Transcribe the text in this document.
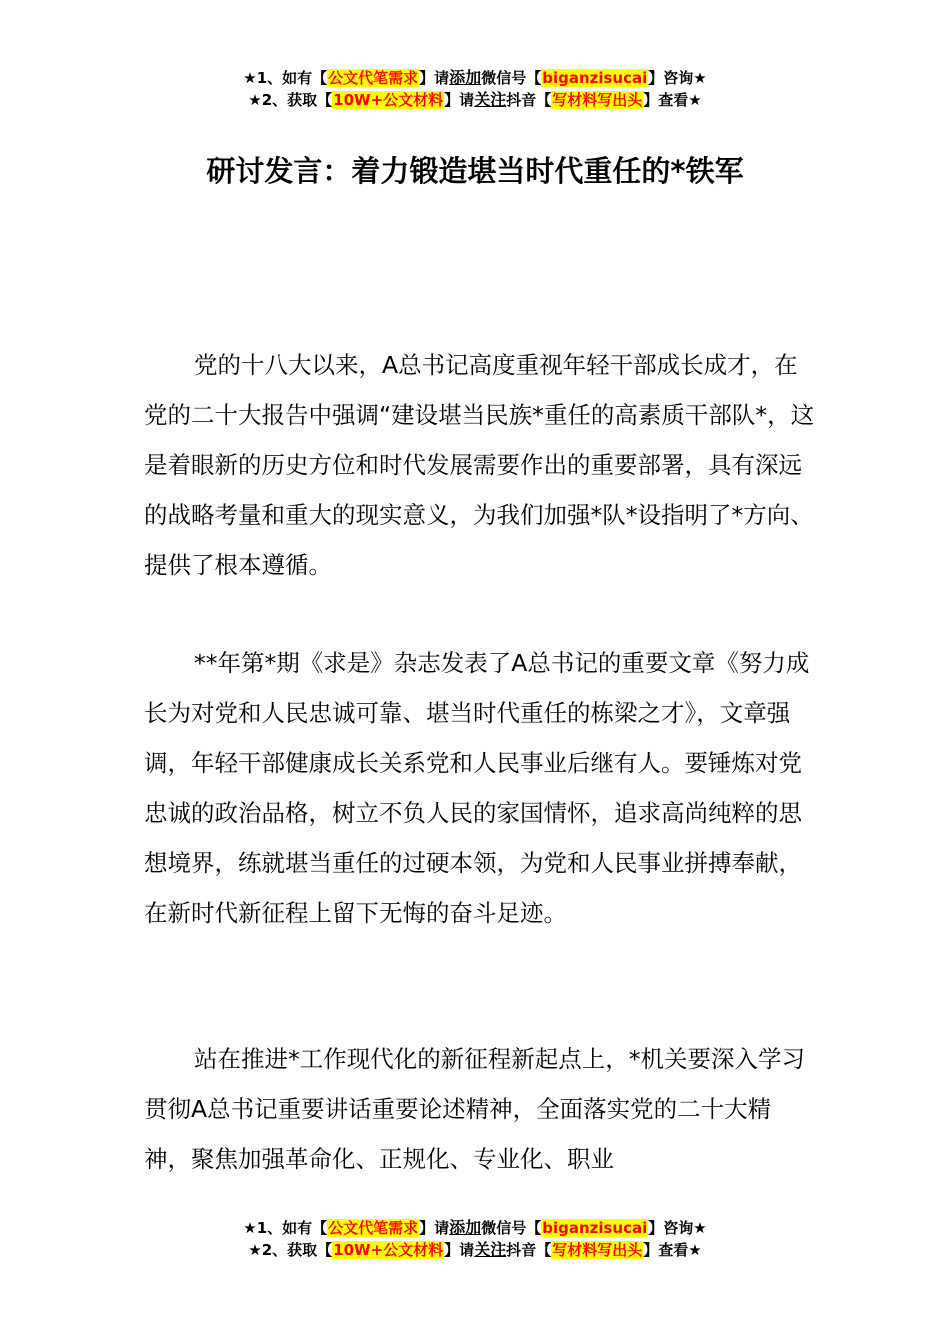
★1、如有【公文代笔需求】请添加微信号【biganzisucai】咨询★
★2、获取【10W+公文材料】请关注抖音【写材料写出头】查看★
研讨发言：着力锻造堪当时代重任的*铁军

党的十八大以来，A总书记高度重视年轻干部成长成才，在党的二十大报告中强调“建设堪当民族*重任的高素质干部队*，这是着眼新的历史方位和时代发展需要作出的重要部署，具有深远的战略考量和重大的现实意义，为我们加强*队*设指明了*方向、提供了根本遵循。

**年第*期《求是》杂志发表了A总书记的重要文章《努力成长为对党和人民忠诚可靠、堪当时代重任的栋梁之才》，文章强调，年轻干部健康成长关系党和人民事业后继有人。要锤炼对党忠诚的政治品格，树立不负人民的家国情怀，追求高尚纯粹的思想境界，练就堪当重任的过硬本领，为党和人民事业拼搏奉献，在新时代新征程上留下无悔的奋斗足迹。

站在推进*工作现代化的新征程新起点上，*机关要深入学习贯彻A总书记重要讲话重要论述精神，全面落实党的二十大精神，聚焦加强革命化、正规化、专业化、职业

★1、如有【公文代笔需求】请添加微信号【biganzisucai】咨询★
★2、获取【10W+公文材料】请关注抖音【写材料写出头】查看★
